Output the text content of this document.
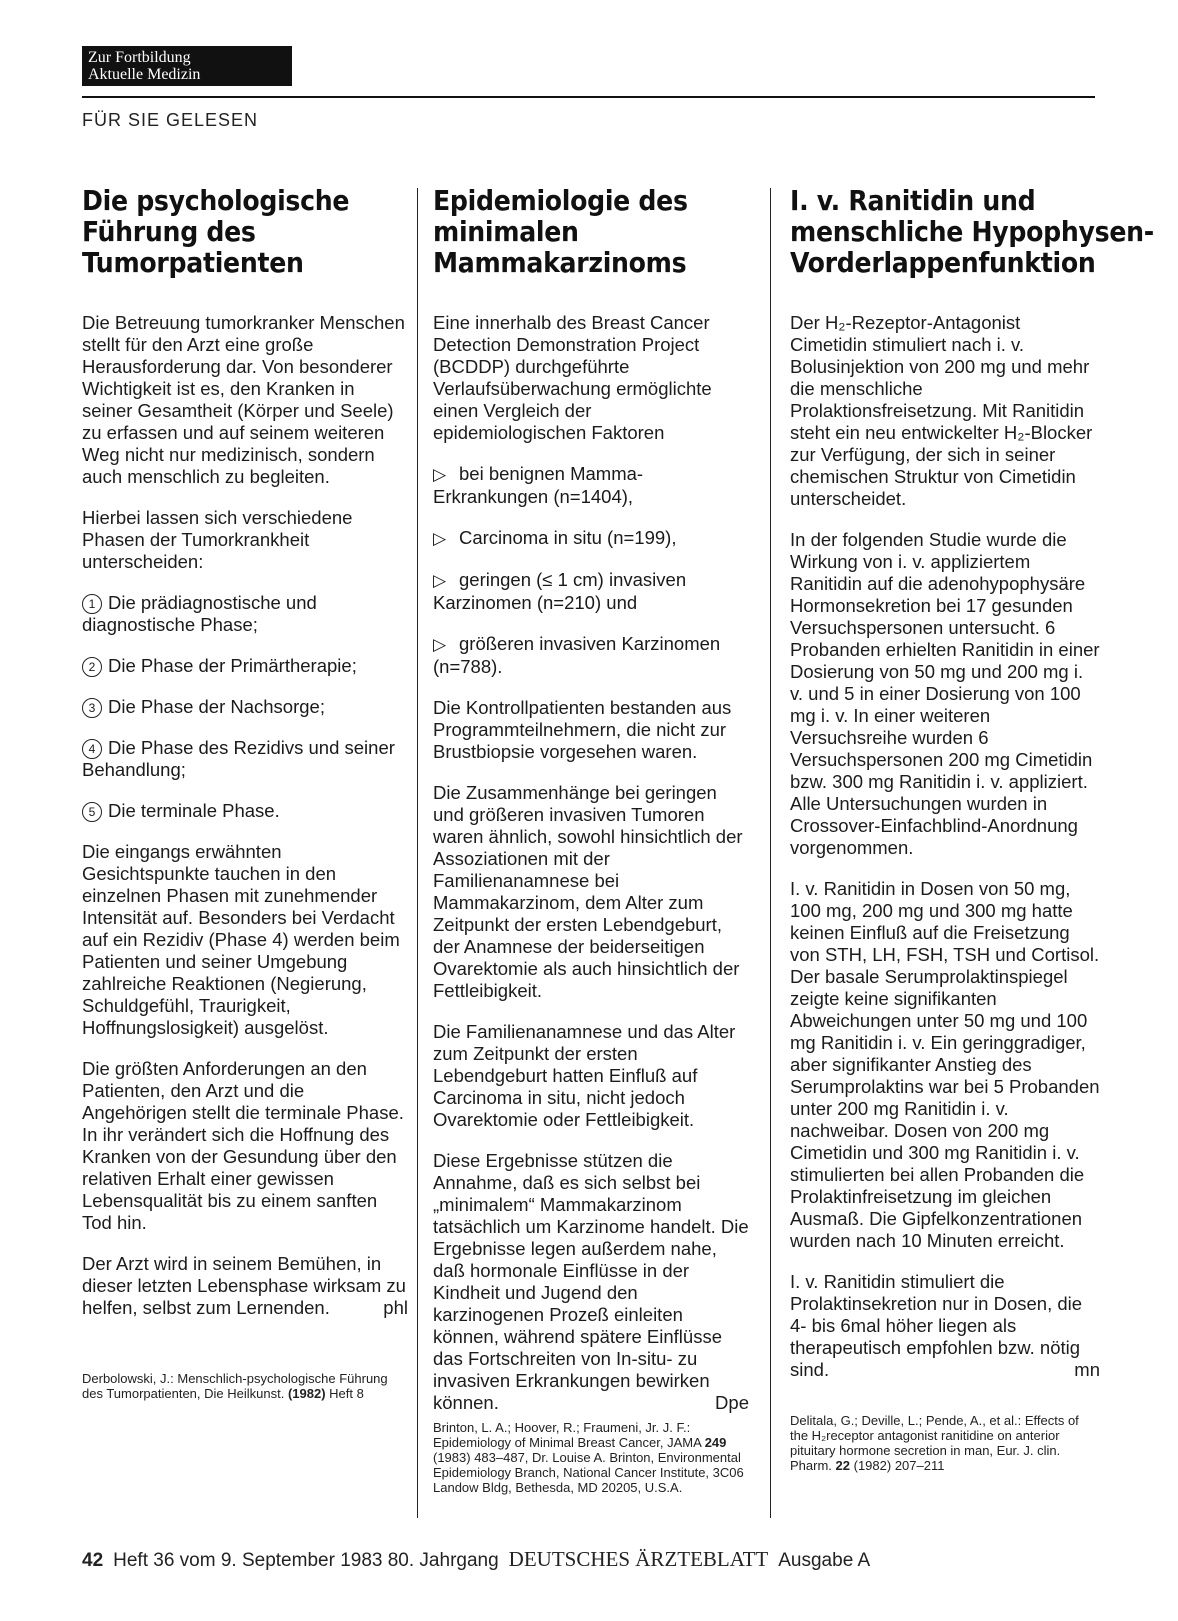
Zur Fortbildung
Aktuelle Medizin
FÜR SIE GELESEN
Die psychologische
Führung des
Tumorpatienten

Die Betreuung tumorkranker Menschen stellt für den Arzt eine große Herausforderung dar. Von besonderer Wichtigkeit ist es, den Kranken in seiner Gesamtheit (Körper und Seele) zu erfassen und auf seinem weiteren Weg nicht nur medizinisch, sondern auch menschlich zu begleiten.

Hierbei lassen sich verschiedene Phasen der Tumorkrankheit unterscheiden:

1 Die prädiagnostische und diagnostische Phase;
2 Die Phase der Primärtherapie;
3 Die Phase der Nachsorge;
4 Die Phase des Rezidivs und seiner Behandlung;
5 Die terminale Phase.

Die eingangs erwähnten Gesichtspunkte tauchen in den einzelnen Phasen mit zunehmender Intensität auf. Besonders bei Verdacht auf ein Rezidiv (Phase 4) werden beim Patienten und seiner Umgebung zahlreiche Reaktionen (Negierung, Schuldgefühl, Traurigkeit, Hoffnungslosigkeit) ausgelöst.

Die größten Anforderungen an den Patienten, den Arzt und die Angehörigen stellt die terminale Phase. In ihr verändert sich die Hoffnung des Kranken von der Gesundung über den relativen Erhalt einer gewissen Lebensqualität bis zu einem sanften Tod hin.

Der Arzt wird in seinem Bemühen, in dieser letzten Lebensphase wirksam zu helfen, selbst zum Lernenden.	phl

Derbolowski, J.: Menschlich-psychologische Führung des Tumorpatienten, Die Heilkunst. (1982) Heft 8

Epidemiologie des
minimalen
Mammakarzinoms

Eine innerhalb des Breast Cancer Detection Demonstration Project (BCDDP) durchgeführte Verlaufsüberwachung ermöglichte einen Vergleich der epidemiologischen Faktoren

▷ bei benignen Mamma-Erkrankungen (n=1404),
▷ Carcinoma in situ (n=199),
▷ geringen (≤ 1 cm) invasiven Karzinomen (n=210) und
▷ größeren invasiven Karzinomen (n=788).

Die Kontrollpatienten bestanden aus Programmteilnehmern, die nicht zur Brustbiopsie vorgesehen waren.

Die Zusammenhänge bei geringen und größeren invasiven Tumoren waren ähnlich, sowohl hinsichtlich der Assoziationen mit der Familienanamnese bei Mammakarzinom, dem Alter zum Zeitpunkt der ersten Lebendgeburt, der Anamnese der beiderseitigen Ovarektomie als auch hinsichtlich der Fettleibigkeit.

Die Familienanamnese und das Alter zum Zeitpunkt der ersten Lebendgeburt hatten Einfluß auf Carcinoma in situ, nicht jedoch Ovarektomie oder Fettleibigkeit.

Diese Ergebnisse stützen die Annahme, daß es sich selbst bei „minimalem“ Mammakarzinom tatsächlich um Karzinome handelt. Die Ergebnisse legen außerdem nahe, daß hormonale Einflüsse in der Kindheit und Jugend den karzinogenen Prozeß einleiten können, während spätere Einflüsse das Fortschreiten von In-situ- zu invasiven Erkrankungen bewirken können.	Dpe

Brinton, L. A.; Hoover, R.; Fraumeni, Jr. J. F.: Epidemiology of Minimal Breast Cancer, JAMA 249 (1983) 483–487, Dr. Louise A. Brinton, Environmental Epidemiology Branch, National Cancer Institute, 3C06 Landow Bldg, Bethesda, MD 20205, U.S.A.

I. v. Ranitidin und
menschliche Hypophysen-
Vorderlappenfunktion

Der H₂-Rezeptor-Antagonist Cimetidin stimuliert nach i. v. Bolusinjektion von 200 mg und mehr die menschliche Prolaktionsfreisetzung. Mit Ranitidin steht ein neu entwickelter H₂-Blocker zur Verfügung, der sich in seiner chemischen Struktur von Cimetidin unterscheidet.

In der folgenden Studie wurde die Wirkung von i. v. appliziertem Ranitidin auf die adenohypophysäre Hormonsekretion bei 17 gesunden Versuchspersonen untersucht. 6 Probanden erhielten Ranitidin in einer Dosierung von 50 mg und 200 mg i. v. und 5 in einer Dosierung von 100 mg i. v. In einer weiteren Versuchsreihe wurden 6 Versuchspersonen 200 mg Cimetidin bzw. 300 mg Ranitidin i. v. appliziert. Alle Untersuchungen wurden in Crossover-Einfachblind-Anordnung vorgenommen.

I. v. Ranitidin in Dosen von 50 mg, 100 mg, 200 mg und 300 mg hatte keinen Einfluß auf die Freisetzung von STH, LH, FSH, TSH und Cortisol. Der basale Serumprolaktinspiegel zeigte keine signifikanten Abweichungen unter 50 mg und 100 mg Ranitidin i. v. Ein geringgradiger, aber signifikanter Anstieg des Serumprolaktins war bei 5 Probanden unter 200 mg Ranitidin i. v. nachweibar. Dosen von 200 mg Cimetidin und 300 mg Ranitidin i. v. stimulierten bei allen Probanden die Prolaktinfreisetzung im gleichen Ausmaß. Die Gipfelkonzentrationen wurden nach 10 Minuten erreicht.

I. v. Ranitidin stimuliert die Prolaktinsekretion nur in Dosen, die 4- bis 6mal höher liegen als therapeutisch empfohlen bzw. nötig sind.	mn

Delitala, G.; Deville, L.; Pende, A., et al.: Effects of the H₂receptor antagonist ranitidine on anterior pituitary hormone secretion in man, Eur. J. clin. Pharm. 22 (1982) 207–211

42 Heft 36 vom 9. September 1983 80. Jahrgang DEUTSCHES ÄRZTEBLATT Ausgabe A
